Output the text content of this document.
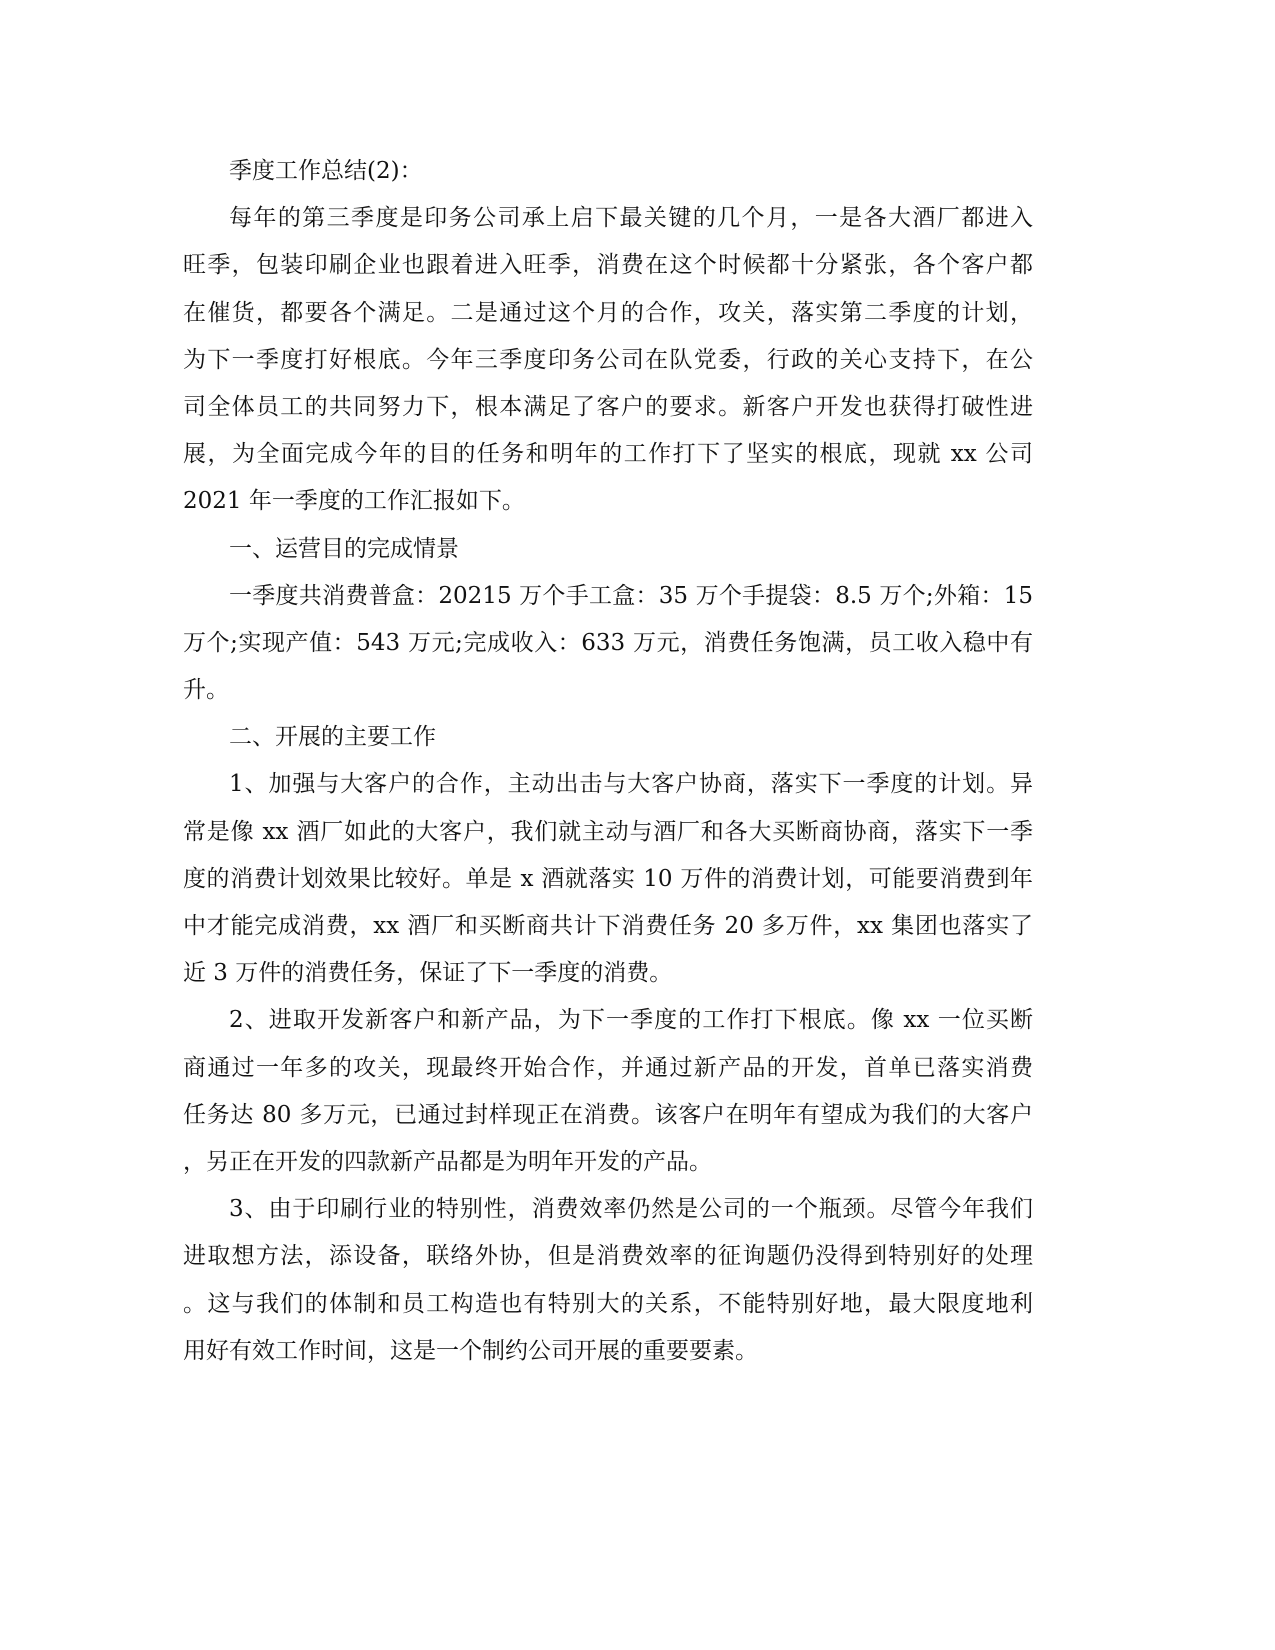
季度工作总结(2)：
每年的第三季度是印务公司承上启下最关键的几个月，一是各大酒厂都进入
旺季，包装印刷企业也跟着进入旺季，消费在这个时候都十分紧张，各个客户都
在催货，都要各个满足。二是通过这个月的合作，攻关，落实第二季度的计划，
为下一季度打好根底。今年三季度印务公司在队党委，行政的关心支持下，在公
司全体员工的共同努力下，根本满足了客户的要求。新客户开发也获得打破性进
展，为全面完成今年的目的任务和明年的工作打下了坚实的根底，现就 xx 公司
2021 年一季度的工作汇报如下。
一、运营目的完成情景
一季度共消费普盒：20215 万个手工盒：35 万个手提袋：8.5 万个;外箱：15
万个;实现产值：543 万元;完成收入：633 万元，消费任务饱满，员工收入稳中有
升。
二、开展的主要工作
1、加强与大客户的合作，主动出击与大客户协商，落实下一季度的计划。异
常是像 xx 酒厂如此的大客户，我们就主动与酒厂和各大买断商协商，落实下一季
度的消费计划效果比较好。单是 x 酒就落实 10 万件的消费计划，可能要消费到年
中才能完成消费，xx 酒厂和买断商共计下消费任务 20 多万件，xx 集团也落实了
近 3 万件的消费任务，保证了下一季度的消费。
2、进取开发新客户和新产品，为下一季度的工作打下根底。像 xx 一位买断
商通过一年多的攻关，现最终开始合作，并通过新产品的开发，首单已落实消费
任务达 80 多万元，已通过封样现正在消费。该客户在明年有望成为我们的大客户
，另正在开发的四款新产品都是为明年开发的产品。
3、由于印刷行业的特别性，消费效率仍然是公司的一个瓶颈。尽管今年我们
进取想方法，添设备，联络外协，但是消费效率的征询题仍没得到特别好的处理
。这与我们的体制和员工构造也有特别大的关系，不能特别好地，最大限度地利
用好有效工作时间，这是一个制约公司开展的重要要素。
